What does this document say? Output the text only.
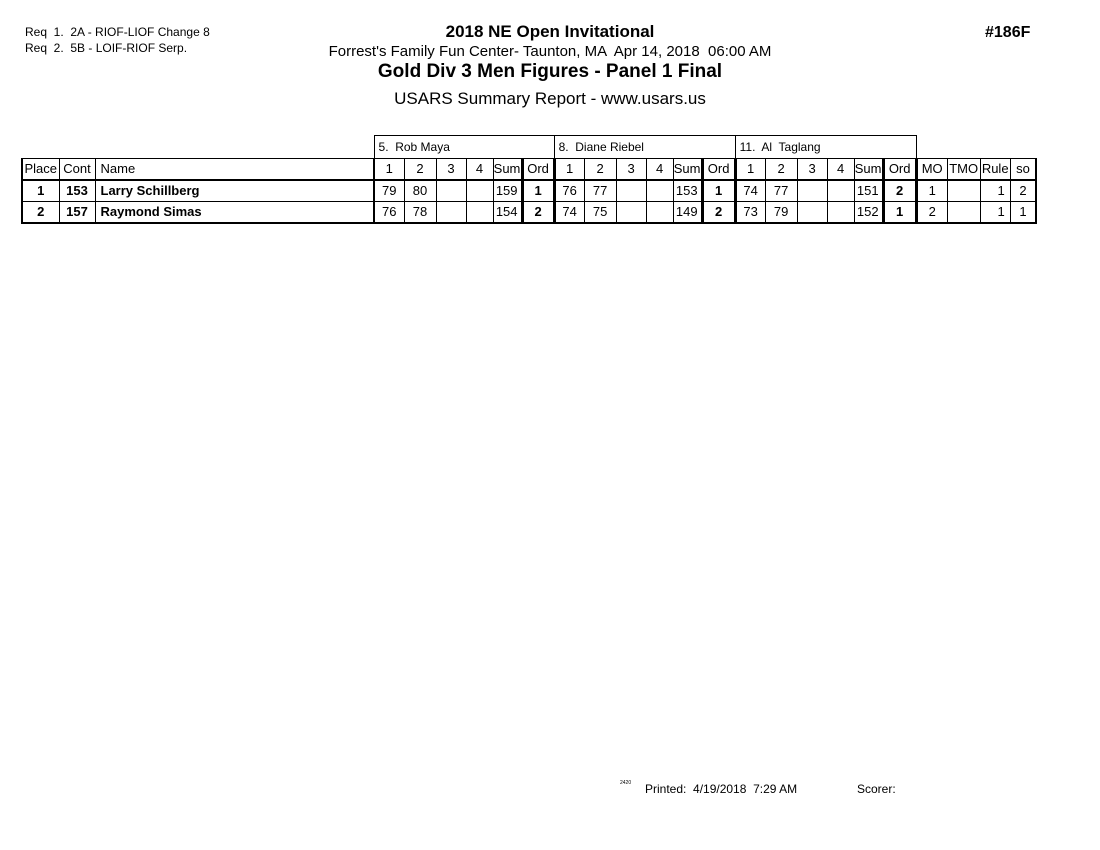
Req  1.  2A - RIOF-LIOF Change 8
Req  2.  5B - LOIF-RIOF Serp.
#186F
2018 NE Open Invitational
Forrest's Family Fun Center- Taunton, MA  Apr 14, 2018  06:00 AM
Gold Div 3 Men Figures - Panel 1 Final
USARS Summary Report - www.usars.us
			5.  Rob Maya						8.  Diane Riebel						11.  Al  Taglang									
Place	Cont	Name	1	2	3	4	Sum	Ord	1	2	3	4	Sum	Ord	1	2	3	4	Sum	Ord	MO	TMO	Rule	so
1	153	Larry Schillberg	79	80			159	1	76	77			153	1	74	77			151	2	1		1	2
2	157	Raymond Simas	76	78			154	2	74	75			149	2	73	79			152	1	2		1	1
2420 Printed:  4/19/2018  7:29 AM	Scorer:
